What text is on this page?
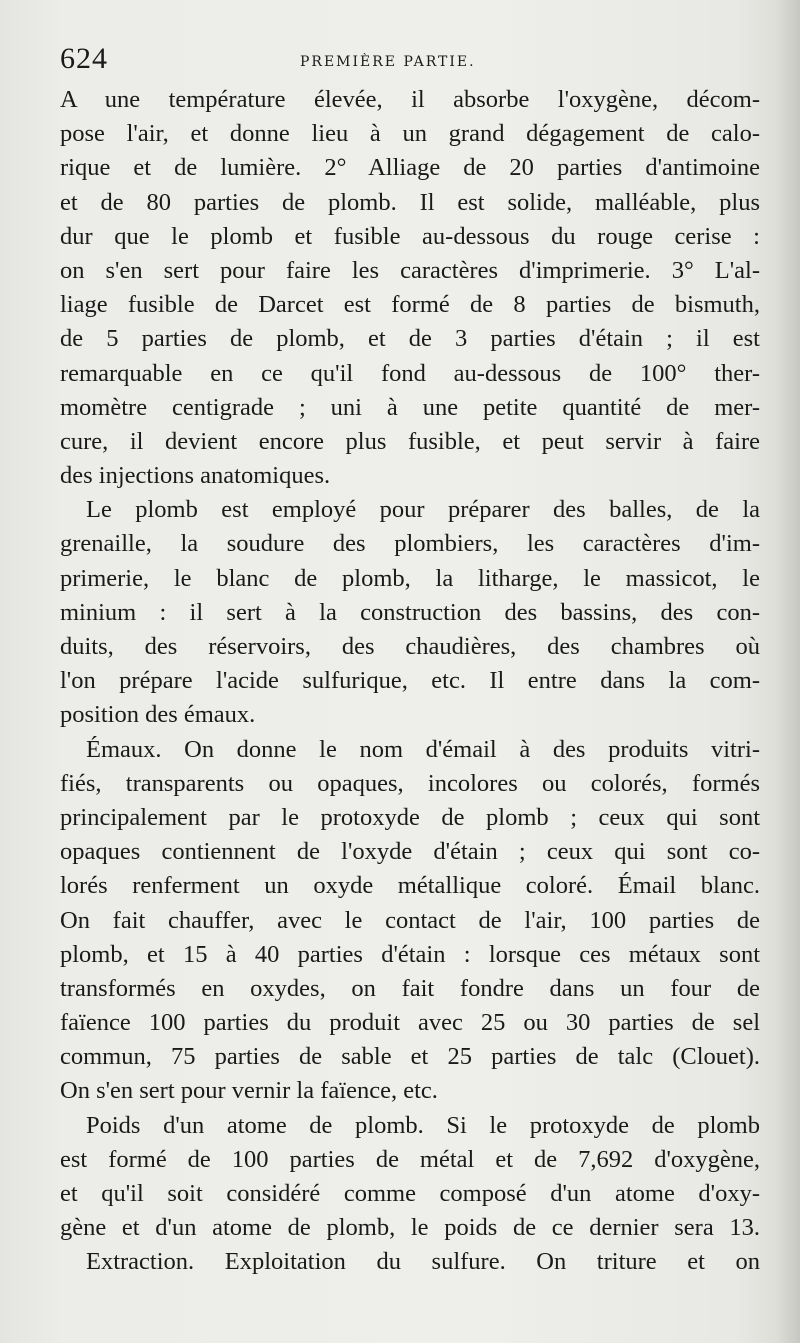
624	PREMIÈRE PARTIE.
A une température élevée, il absorbe l'oxygène, décom-
pose l'air, et donne lieu à un grand dégagement de calo-
rique et de lumière. 2° Alliage de 20 parties d'antimoine
et de 80 parties de plomb. Il est solide, malléable, plus
dur que le plomb et fusible au-dessous du rouge cerise :
on s'en sert pour faire les caractères d'imprimerie. 3° L'al-
liage fusible de Darcet est formé de 8 parties de bismuth,
de 5 parties de plomb, et de 3 parties d'étain ; il est
remarquable en ce qu'il fond au-dessous de 100° ther-
momètre centigrade ; uni à une petite quantité de mer-
cure, il devient encore plus fusible, et peut servir à faire
des injections anatomiques.
Le plomb est employé pour préparer des balles, de la
grenaille, la soudure des plombiers, les caractères d'im-
primerie, le blanc de plomb, la litharge, le massicot, le
minium : il sert à la construction des bassins, des con-
duits, des réservoirs, des chaudières, des chambres où
l'on prépare l'acide sulfurique, etc. Il entre dans la com-
position des émaux.
Émaux. On donne le nom d'émail à des produits vitri-
fiés, transparents ou opaques, incolores ou colorés, formés
principalement par le protoxyde de plomb ; ceux qui sont
opaques contiennent de l'oxyde d'étain ; ceux qui sont co-
lorés renferment un oxyde métallique coloré. Émail blanc.
On fait chauffer, avec le contact de l'air, 100 parties de
plomb, et 15 à 40 parties d'étain : lorsque ces métaux sont
transformés en oxydes, on fait fondre dans un four de
faïence 100 parties du produit avec 25 ou 30 parties de sel
commun, 75 parties de sable et 25 parties de talc (Clouet).
On s'en sert pour vernir la faïence, etc.
Poids d'un atome de plomb. Si le protoxyde de plomb
est formé de 100 parties de métal et de 7,692 d'oxygène,
et qu'il soit considéré comme composé d'un atome d'oxy-
gène et d'un atome de plomb, le poids de ce dernier sera 13.
Extraction. Exploitation du sulfure. On triture et on
